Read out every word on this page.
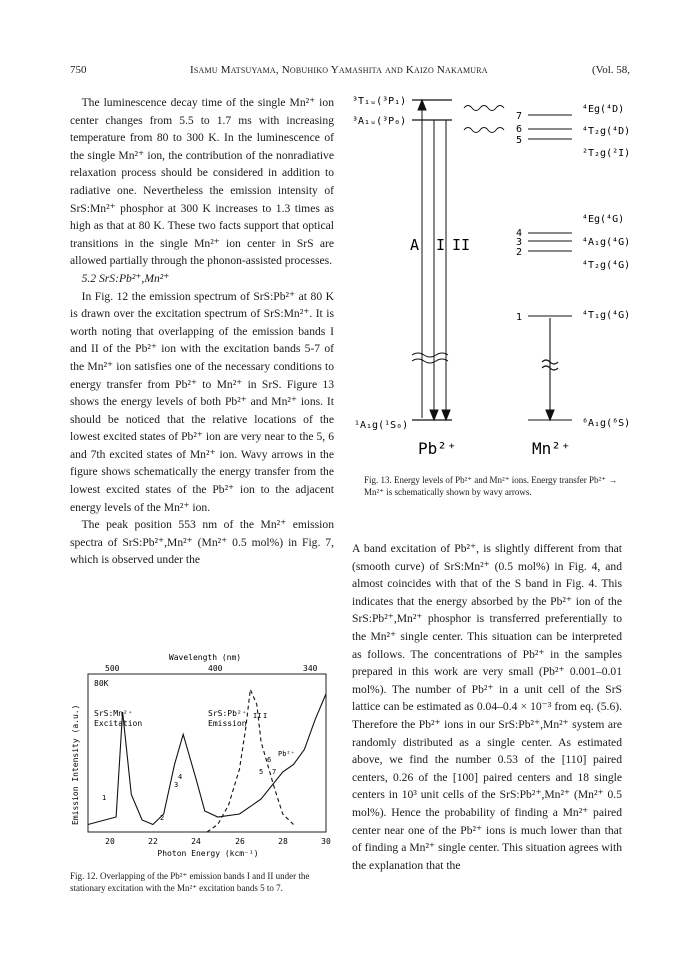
750	Isamu Matsuyama, Nobuhiko Yamashita and Kaizo Nakamura	(Vol. 58,

The luminescence decay time of the single Mn²⁺ ion center changes from 5.5 to 1.7 ms with increasing temperature from 80 to 300 K. In the luminescence of the single Mn²⁺ ion, the contribution of the nonradiative relaxation process should be considered in addition to radiative one. Nevertheless the emission intensity of SrS:Mn²⁺ phosphor at 300 K increases to 1.3 times as high as that at 80 K. These two facts support that optical transitions in the single Mn²⁺ ion center in SrS are allowed partially through the phonon-assisted processes.

5.2 SrS:Pb²⁺,Mn²⁺

In Fig. 12 the emission spectrum of SrS:Pb²⁺ at 80 K is drawn over the excitation spectrum of SrS:Mn²⁺. It is worth noting that overlapping of the emission bands I and II of the Pb²⁺ ion with the excitation bands 5-7 of the Mn²⁺ ion satisfies one of the necessary conditions to energy transfer from Pb²⁺ to Mn²⁺ in SrS. Figure 13 shows the energy levels of both Pb²⁺ and Mn²⁺ ions. It should be noticed that the relative locations of the lowest excited states of Pb²⁺ ion are very near to the 5, 6 and 7th excited states of Mn²⁺ ion. Wavy arrows in the figure shows schematically the energy transfer from the lowest excited states of the Pb²⁺ ion to the adjacent energy levels of the Mn²⁺ ion.

The peak position 553 nm of the Mn²⁺ emission spectra of SrS:Pb²⁺,Mn²⁺ (Mn²⁺ 0.5 mol%) in Fig. 7, which is observed under the

Wavelength (nm)
500	400	340
80K
SrS:Mn²⁺
Excitation
SrS:Pb²⁺
Emission
II I
Pb²⁺
6
5 7
4
3
2
1
Emission Intensity (a.u.)
20	22	24	26	28	30
Photon Energy (kcm⁻¹)
Fig. 12. Overlapping of the Pb²⁺ emission bands I and II under the stationary excitation with the Mn²⁺ excitation bands 5 to 7.
³T₁ᵤ(³P₁)
³A₁ᵤ(³P₀)
¹A₁g(¹S₀)
A I II
7
6
5
4
3
2
1
⁴Eg(⁴D)
⁴T₂g(⁴D)
²T₂g(²I)
⁴Eg(⁴G)
⁴A₁g(⁴G)
⁴T₂g(⁴G)
⁴T₁g(⁴G)
⁶A₁g(⁶S)
Pb²⁺	Mn²⁺
Fig. 13. Energy levels of Pb²⁺ and Mn²⁺ ions. Energy transfer Pb²⁺ → Mn²⁺ is schematically shown by wavy arrows.

A band excitation of Pb²⁺, is slightly different from that (smooth curve) of SrS:Mn²⁺ (0.5 mol%) in Fig. 4, and almost coincides with that of the S band in Fig. 4. This indicates that the energy absorbed by the Pb²⁺ ion of the SrS:Pb²⁺,Mn²⁺ phosphor is transferred preferentially to the Mn²⁺ single center. This situation can be interpreted as follows. The concentrations of Pb²⁺ in the samples prepared in this work are very small (Pb²⁺ 0.001–0.01 mol%). The number of Pb²⁺ in a unit cell of the SrS lattice can be estimated as 0.04–0.4 × 10⁻³ from eq. (5.6). Therefore the Pb²⁺ ions in our SrS:Pb²⁺,Mn²⁺ system are randomly distributed as a single center. As estimated above, we find the number 0.53 of the [110] paired centers, 0.26 of the [100] paired centers and 18 single centers in 10³ unit cells of the SrS:Pb²⁺,Mn²⁺ (Mn²⁺ 0.5 mol%). Hence the probability of finding a Mn²⁺ paired center near one of the Pb²⁺ ions is much lower than that of finding a Mn²⁺ single center. This situation agrees with the explanation that the
